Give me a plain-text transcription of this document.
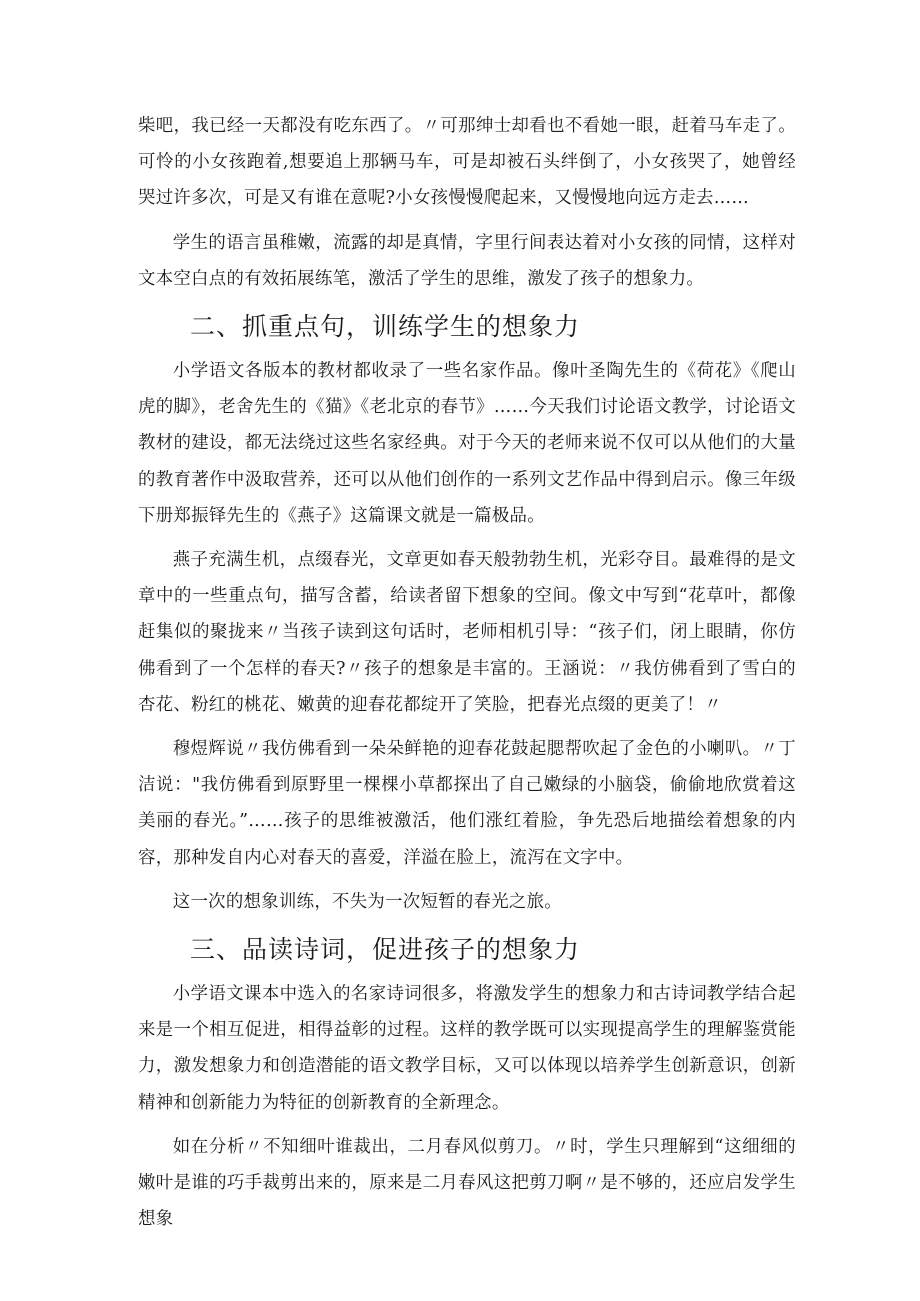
柴吧，我已经一天都没有吃东西了。〃可那绅士却看也不看她一眼，赶着马车走了。可怜的小女孩跑着,想要追上那辆马车，可是却被石头绊倒了，小女孩哭了，她曾经哭过许多次，可是又有谁在意呢?小女孩慢慢爬起来，又慢慢地向远方走去……

学生的语言虽稚嫩，流露的却是真情，字里行间表达着对小女孩的同情，这样对文本空白点的有效拓展练笔，激活了学生的思维，激发了孩子的想象力。

二、抓重点句，训练学生的想象力

小学语文各版本的教材都收录了一些名家作品。像叶圣陶先生的《荷花》《爬山虎的脚》，老舍先生的《猫》《老北京的春节》……今天我们讨论语文教学，讨论语文教材的建设，都无法绕过这些名家经典。对于今天的老师来说不仅可以从他们的大量的教育著作中汲取营养，还可以从他们创作的一系列文艺作品中得到启示。像三年级下册郑振铎先生的《燕子》这篇课文就是一篇极品。

燕子充满生机，点缀春光，文章更如春天般勃勃生机，光彩夺目。最难得的是文章中的一些重点句，描写含蓄，给读者留下想象的空间。像文中写到“花草叶，都像赶集似的聚拢来〃当孩子读到这句话时，老师相机引导：“孩子们，闭上眼睛，你仿佛看到了一个怎样的春天?〃孩子的想象是丰富的。王涵说：〃我仿佛看到了雪白的杏花、粉红的桃花、嫩黄的迎春花都绽开了笑脸，把春光点缀的更美了！〃

穆煜辉说〃我仿佛看到一朵朵鲜艳的迎春花鼓起腮帮吹起了金色的小喇叭。〃丁洁说："我仿佛看到原野里一棵棵小草都探出了自己嫩绿的小脑袋，偷偷地欣赏着这美丽的春光。”……孩子的思维被激活，他们涨红着脸，争先恐后地描绘着想象的内容，那种发自内心对春天的喜爱，洋溢在脸上，流泻在文字中。

这一次的想象训练，不失为一次短暂的春光之旅。

三、品读诗词，促进孩子的想象力

小学语文课本中选入的名家诗词很多，将激发学生的想象力和古诗词教学结合起来是一个相互促进，相得益彰的过程。这样的教学既可以实现提高学生的理解鉴赏能力，激发想象力和创造潜能的语文教学目标，又可以体现以培养学生创新意识，创新精神和创新能力为特征的创新教育的全新理念。

如在分析〃不知细叶谁裁出，二月春风似剪刀。〃时，学生只理解到“这细细的嫩叶是谁的巧手裁剪出来的，原来是二月春风这把剪刀啊〃是不够的，还应启发学生想象
